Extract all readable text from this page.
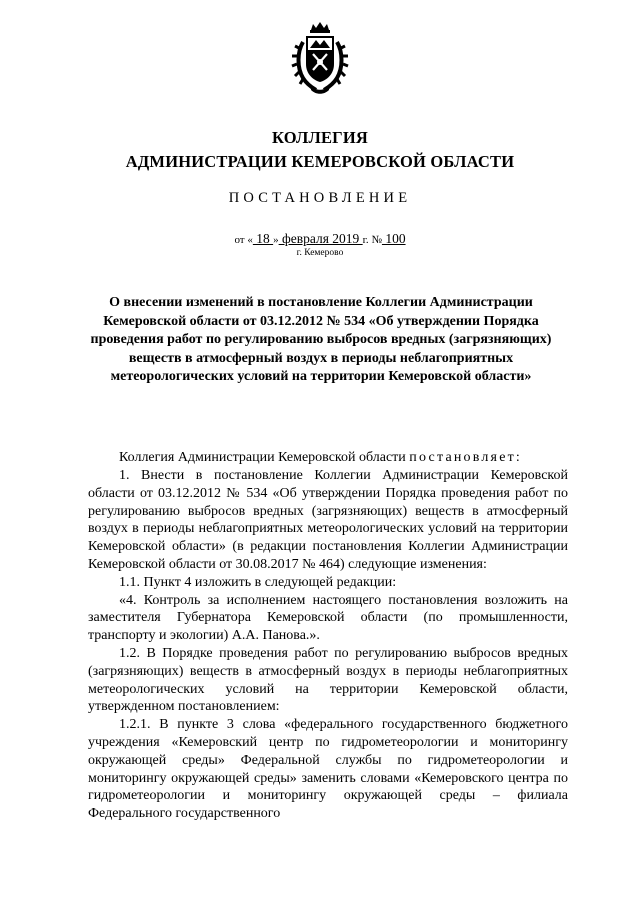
КОЛЛЕГИЯ
АДМИНИСТРАЦИИ КЕМЕРОВСКОЙ ОБЛАСТИ
ПОСТАНОВЛЕНИЕ
от « 18 » февраля 2019 г. № 100
г. Кемерово
О внесении изменений в постановление Коллегии Администрации Кемеровской области от 03.12.2012 № 534 «Об утверждении Порядка проведения работ по регулированию выбросов вредных (загрязняющих) веществ в атмосферный воздух в периоды неблагоприятных метеорологических условий на территории Кемеровской области»

Коллегия Администрации Кемеровской области постановляет:

1. Внести в постановление Коллегии Администрации Кемеровской области от 03.12.2012 № 534 «Об утверждении Порядка проведения работ по регулированию выбросов вредных (загрязняющих) веществ в атмосферный воздух в периоды неблагоприятных метеорологических условий на территории Кемеровской области» (в редакции постановления Коллегии Администрации Кемеровской области от 30.08.2017 № 464) следующие изменения:

1.1. Пункт 4 изложить в следующей редакции:

«4. Контроль за исполнением настоящего постановления возложить на заместителя Губернатора Кемеровской области (по промышленности, транспорту и экологии) А.А. Панова.».

1.2. В Порядке проведения работ по регулированию выбросов вредных (загрязняющих) веществ в атмосферный воздух в периоды неблагоприятных метеорологических условий на территории Кемеровской области, утвержденном постановлением:

1.2.1. В пункте 3 слова «федерального государственного бюджетного учреждения «Кемеровский центр по гидрометеорологии и мониторингу окружающей среды» Федеральной службы по гидрометеорологии и мониторингу окружающей среды» заменить словами «Кемеровского центра по гидрометеорологии и мониторингу окружающей среды – филиала Федерального государственного
